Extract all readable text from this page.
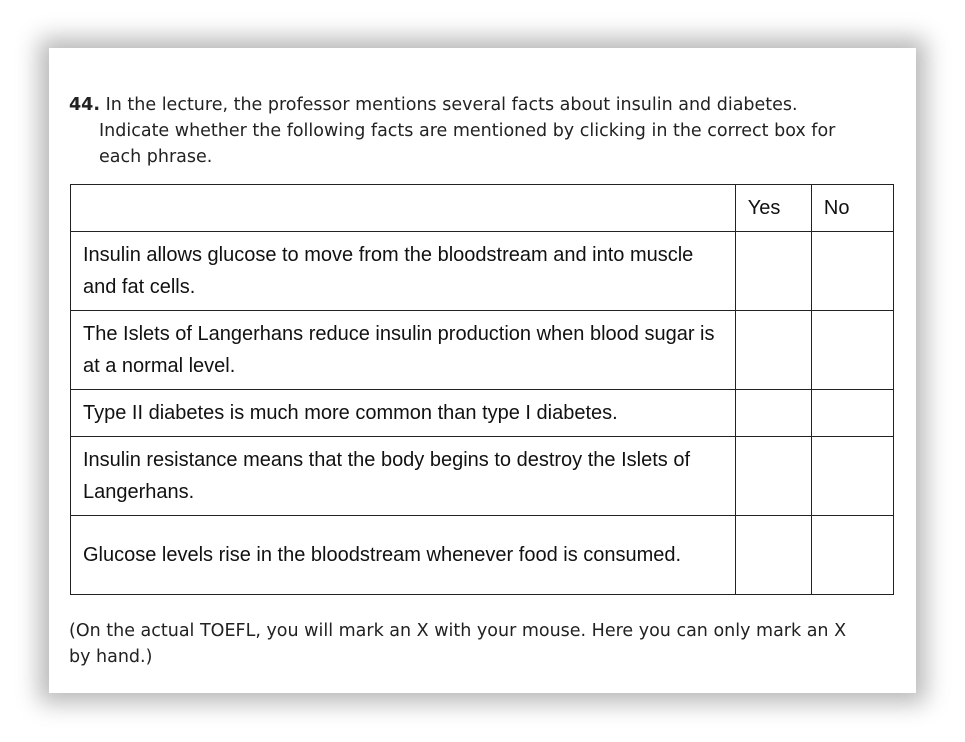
44. In the lecture, the professor mentions several facts about insulin and diabetes.
Indicate whether the following facts are mentioned by clicking in the correct box for each phrase.
	Yes	No
Insulin allows glucose to move from the bloodstream and into muscle and fat cells.		
The Islets of Langerhans reduce insulin production when blood sugar is at a normal level.		
Type II diabetes is much more common than type I diabetes.		
Insulin resistance means that the body begins to destroy the Islets of Langerhans.		
Glucose levels rise in the bloodstream whenever food is consumed.		
(On the actual TOEFL, you will mark an X with your mouse. Here you can only mark an X by hand.)
